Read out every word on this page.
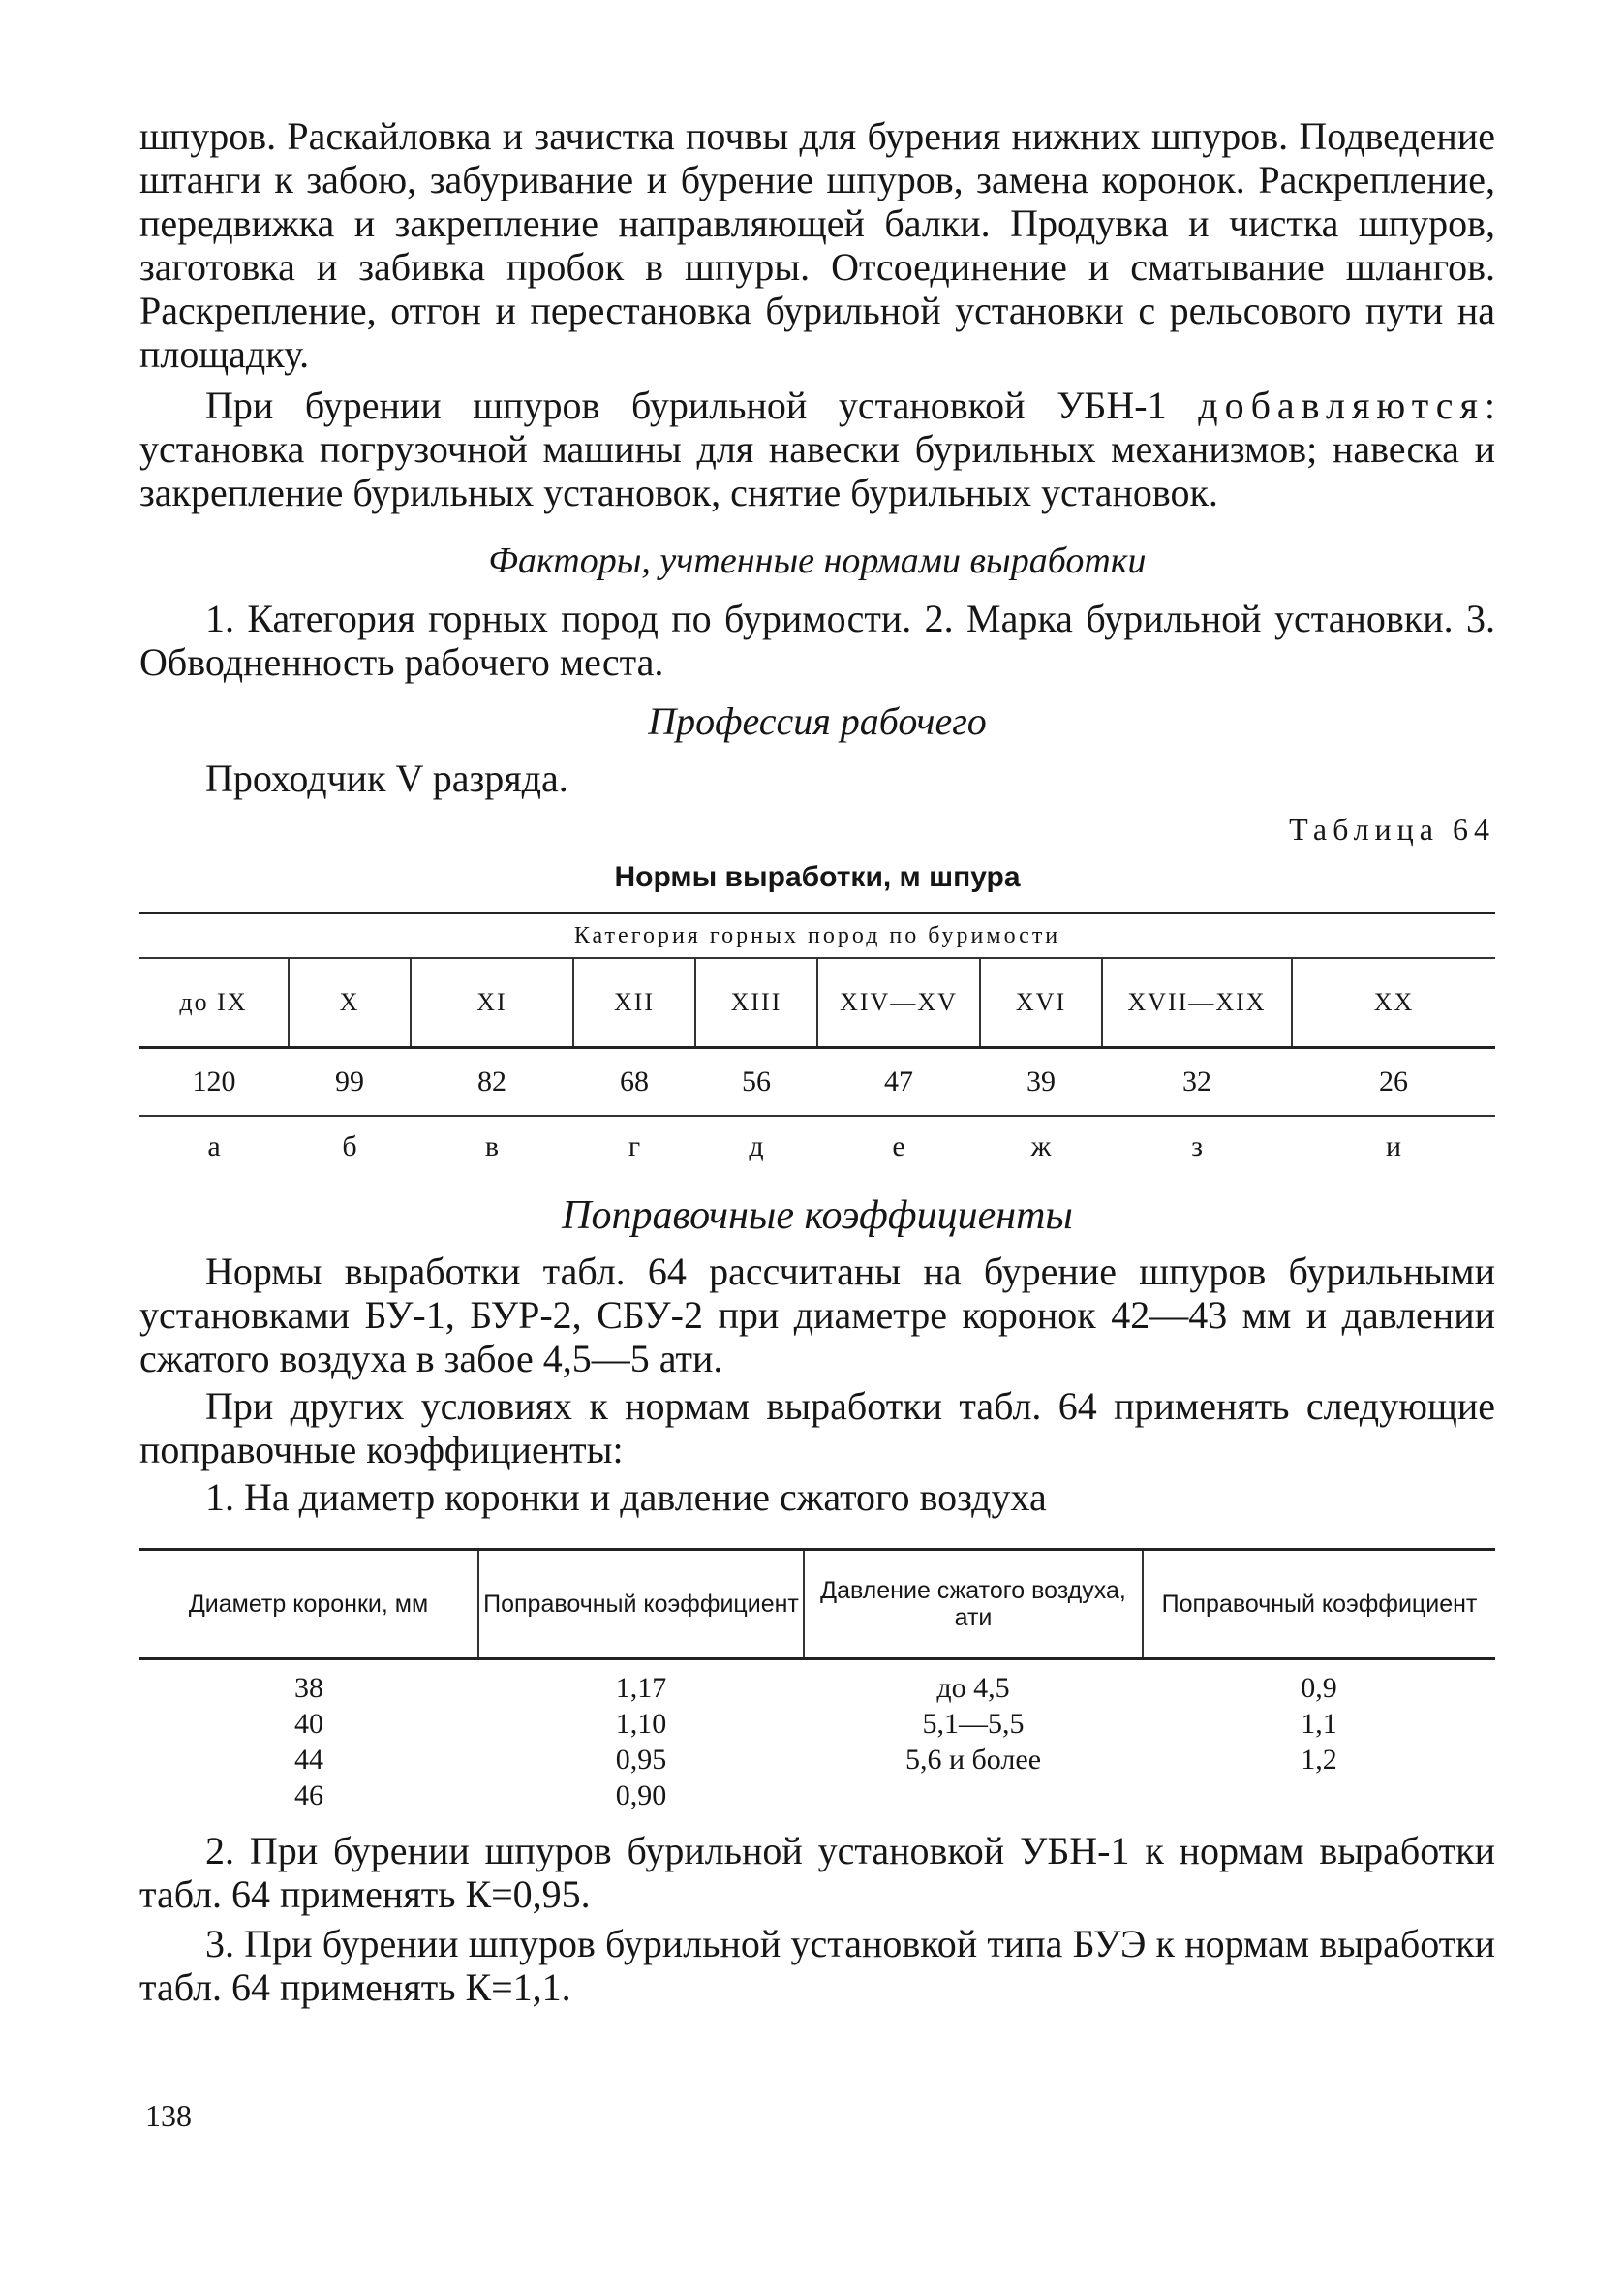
шпуров. Раскайловка и зачистка почвы для бурения нижних шпуров. Подведение штанги к забою, забуривание и бурение шпуров, замена коронок. Раскрепление, передвижка и закрепление направляющей балки. Продувка и чистка шпуров, заготовка и забивка пробок в шпуры. Отсоединение и сматывание шлангов. Раскрепление, отгон и перестановка бурильной установки с рельсового пути на площадку.

При бурении шпуров бурильной установкой УБН-1 добавляются: установка погрузочной машины для навески бурильных механизмов; навеска и закрепление бурильных установок, снятие бурильных установок.

Факторы, учтенные нормами выработки

1. Категория горных пород по буримости. 2. Марка бурильной установки. 3. Обводненность рабочего места.

Профессия рабочего

Проходчик V разряда.

Таблица 64
Нормы выработки, м шпура
Категория горных пород по буримости								
до IX	X	XI	XII	XIII	XIV—XV	XVI	XVII—XIX	XX
120	99	82	68	56	47	39	32	26
а	б	в	г	д	е	ж	з	и
Поправочные коэффициенты

Нормы выработки табл. 64 рассчитаны на бурение шпуров бурильными установками БУ-1, БУР-2, СБУ-2 при диаметре коронок 42—43 мм и давлении сжатого воздуха в забое 4,5—5 ати.

При других условиях к нормам выработки табл. 64 применять следующие поправочные коэффициенты:

1. На диаметр коронки и давление сжатого воздуха

Диаметр коронки, мм	Поправочный коэффициент	Давление сжатого воздуха, ати	Поправочный коэффициент
38	1,17	до 4,5	0,9
40	1,10	5,1—5,5	1,1
44	0,95	5,6 и более	1,2
46	0,90		

2. При бурении шпуров бурильной установкой УБН-1 к нормам выработки табл. 64 применять К=0,95.

3. При бурении шпуров бурильной установкой типа БУЭ к нормам выработки табл. 64 применять К=1,1.

138
